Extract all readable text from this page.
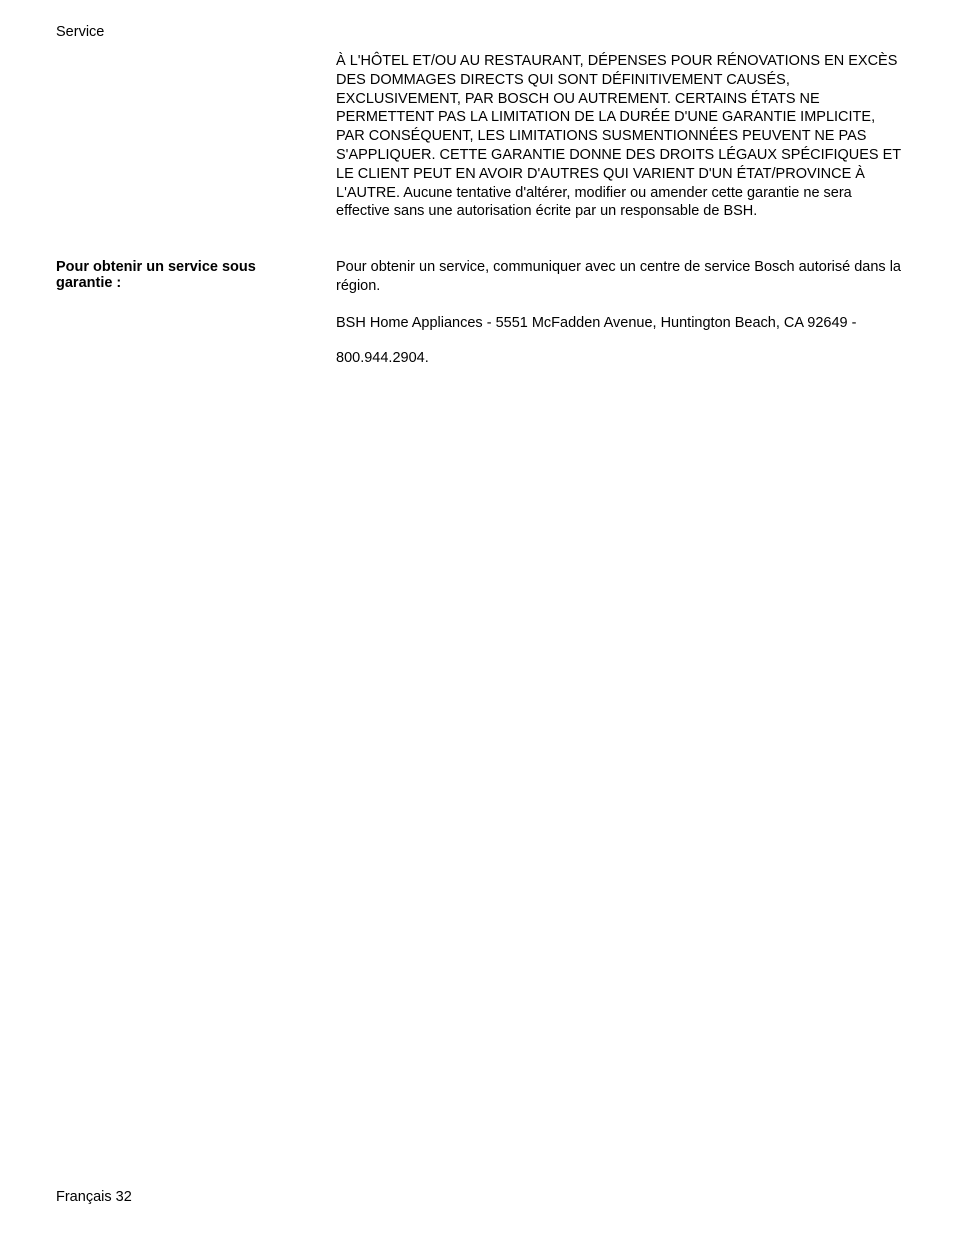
Service

À L'HÔTEL ET/OU AU RESTAURANT, DÉPENSES POUR RÉNOVATIONS EN EXCÈS DES DOMMAGES DIRECTS QUI SONT DÉFINITIVEMENT CAUSÉS, EXCLUSIVEMENT, PAR BOSCH OU AUTREMENT. CERTAINS ÉTATS NE PERMETTENT PAS LA LIMITATION DE LA DURÉE D'UNE GARANTIE IMPLICITE, PAR CONSÉQUENT, LES LIMITATIONS SUSMENTIONNÉES PEUVENT NE PAS S'APPLIQUER. CETTE GARANTIE DONNE DES DROITS LÉGAUX SPÉCIFIQUES ET LE CLIENT PEUT EN AVOIR D'AUTRES QUI VARIENT D'UN ÉTAT/PROVINCE À L'AUTRE. Aucune tentative d'altérer, modifier ou amender cette garantie ne sera effective sans une autorisation écrite par un responsable de BSH.

Pour obtenir un service sous garantie :

Pour obtenir un service, communiquer avec un centre de service Bosch autorisé dans la région.

BSH Home Appliances - 5551 McFadden Avenue, Huntington Beach, CA 92649 -

800.944.2904.

Français 32
